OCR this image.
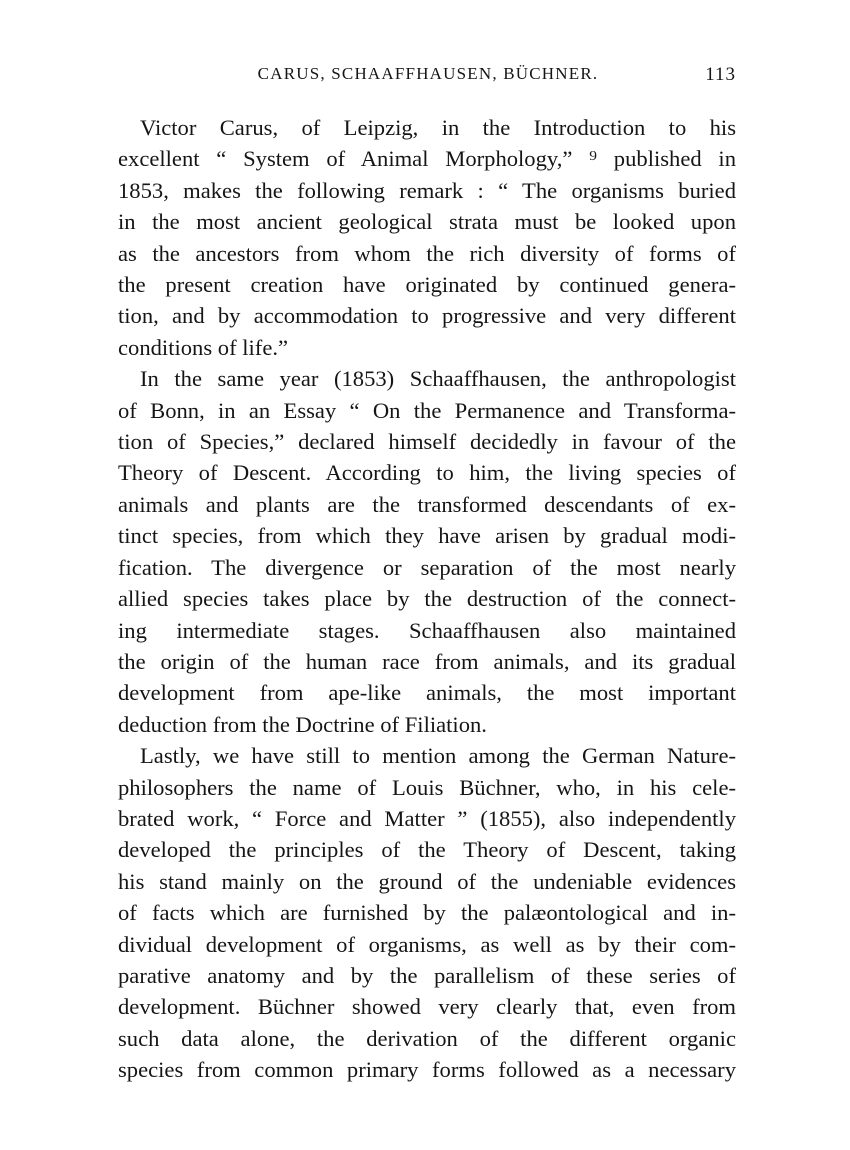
CARUS, SCHAAFFHAUSEN, BÜCHNER.	113

Victor Carus, of Leipzig, in the Introduction to his
excellent “ System of Animal Morphology,” ⁹ published in
1853, makes the following remark : “ The organisms buried
in the most ancient geological strata must be looked upon
as the ancestors from whom the rich diversity of forms of
the present creation have originated by continued genera-
tion, and by accommodation to progressive and very different
conditions of life.”

In the same year (1853) Schaaffhausen, the anthropologist
of Bonn, in an Essay “ On the Permanence and Transforma-
tion of Species,” declared himself decidedly in favour of the
Theory of Descent. According to him, the living species of
animals and plants are the transformed descendants of ex-
tinct species, from which they have arisen by gradual modi-
fication. The divergence or separation of the most nearly
allied species takes place by the destruction of the connect-
ing intermediate stages. Schaaffhausen also maintained
the origin of the human race from animals, and its gradual
development from ape-like animals, the most important
deduction from the Doctrine of Filiation.

Lastly, we have still to mention among the German Nature-
philosophers the name of Louis Büchner, who, in his cele-
brated work, “ Force and Matter ” (1855), also independently
developed the principles of the Theory of Descent, taking
his stand mainly on the ground of the undeniable evidences
of facts which are furnished by the palæontological and in-
dividual development of organisms, as well as by their com-
parative anatomy and by the parallelism of these series of
development. Büchner showed very clearly that, even from
such data alone, the derivation of the different organic
species from common primary forms followed as a necessary
